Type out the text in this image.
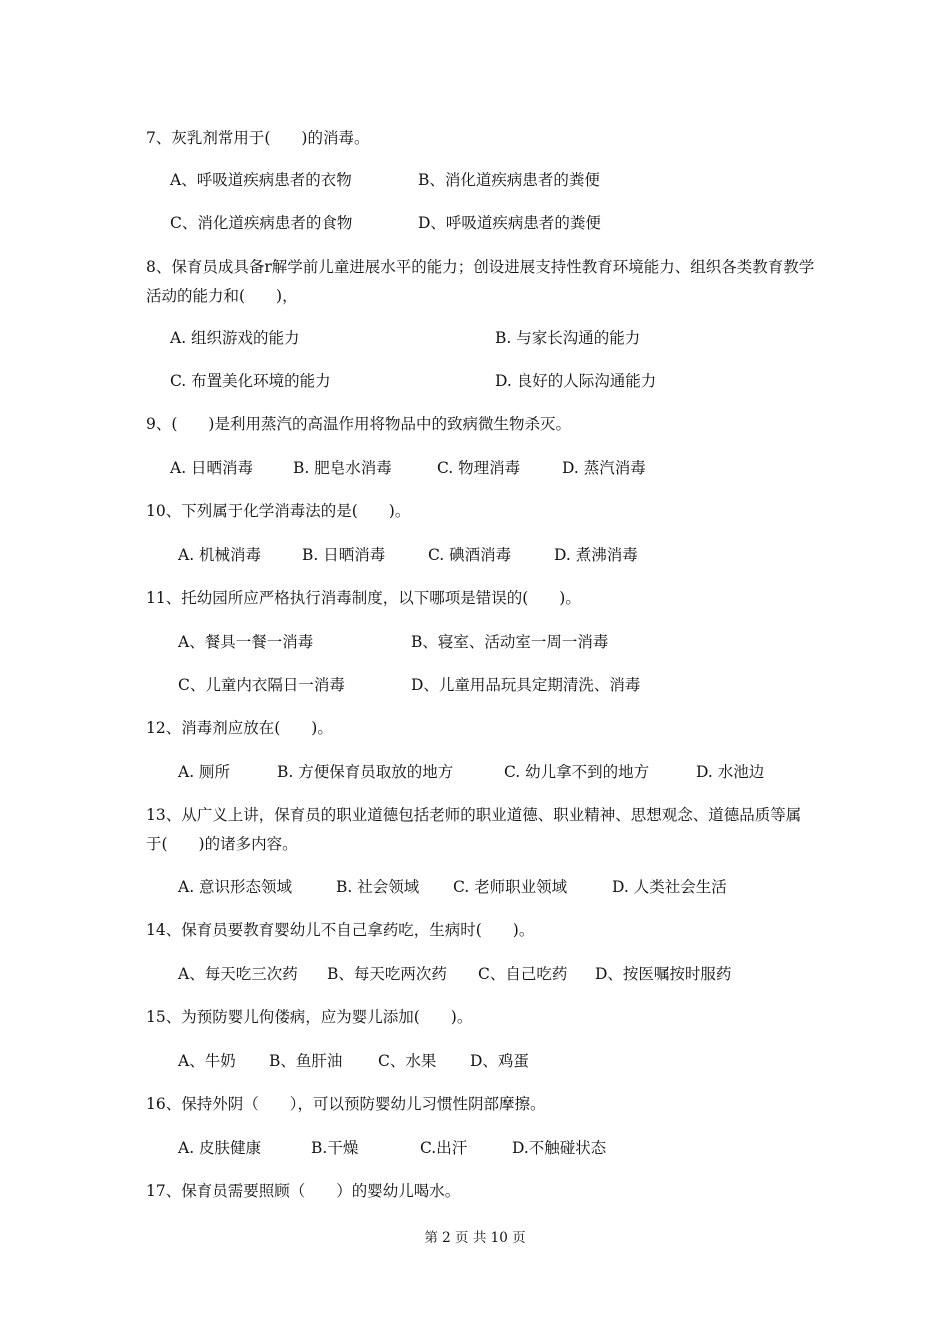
7、灰乳剂常用于(　　)的消毒。
A、呼吸道疾病患者的衣物	B、消化道疾病患者的粪便
C、消化道疾病患者的食物	D、呼吸道疾病患者的粪便
8、保育员成具备r解学前儿童进展水平的能力；创设进展支持性教育环境能力、组织各类教育教学活动的能力和(　　)，
A. 组织游戏的能力	B. 与家长沟通的能力
C. 布置美化环境的能力	D. 良好的人际沟通能力
9、(　　)是利用蒸汽的高温作用将物品中的致病微生物杀灭。
A. 日晒消毒	B. 肥皂水消毒	C. 物理消毒	D. 蒸汽消毒
10、下列属于化学消毒法的是(　　)。
A. 机械消毒	B. 日晒消毒	C. 碘酒消毒	D. 煮沸消毒
11、托幼园所应严格执行消毒制度，以下哪项是错误的(　　)。
A、餐具一餐一消毒	B、寝室、活动室一周一消毒
C、儿童内衣隔日一消毒	D、儿童用品玩具定期清洗、消毒
12、消毒剂应放在(　　)。
A. 厕所	B. 方便保育员取放的地方	C. 幼儿拿不到的地方	D. 水池边
13、从广义上讲，保育员的职业道德包括老师的职业道德、职业精神、思想观念、道德品质等属于(　　)的诸多内容。
A. 意识形态领域	B. 社会领域 C. 老师职业领域	D. 人类社会生活
14、保育员要教育婴幼儿不自己拿药吃，生病时(　　)。
A、每天吃三次药 B、每天吃两次药 C、自己吃药 D、按医嘱按时服药
15、为预防婴儿佝偻病，应为婴儿添加(　　)。
A、牛奶 B、鱼肝油 C、水果 D、鸡蛋
16、保持外阴（　　），可以预防婴幼儿习惯性阴部摩擦。
A. 皮肤健康	B.干燥	C.出汗	D.不触碰状态
17、保育员需要照顾（　　）的婴幼儿喝水。
第 2 页 共 10 页
